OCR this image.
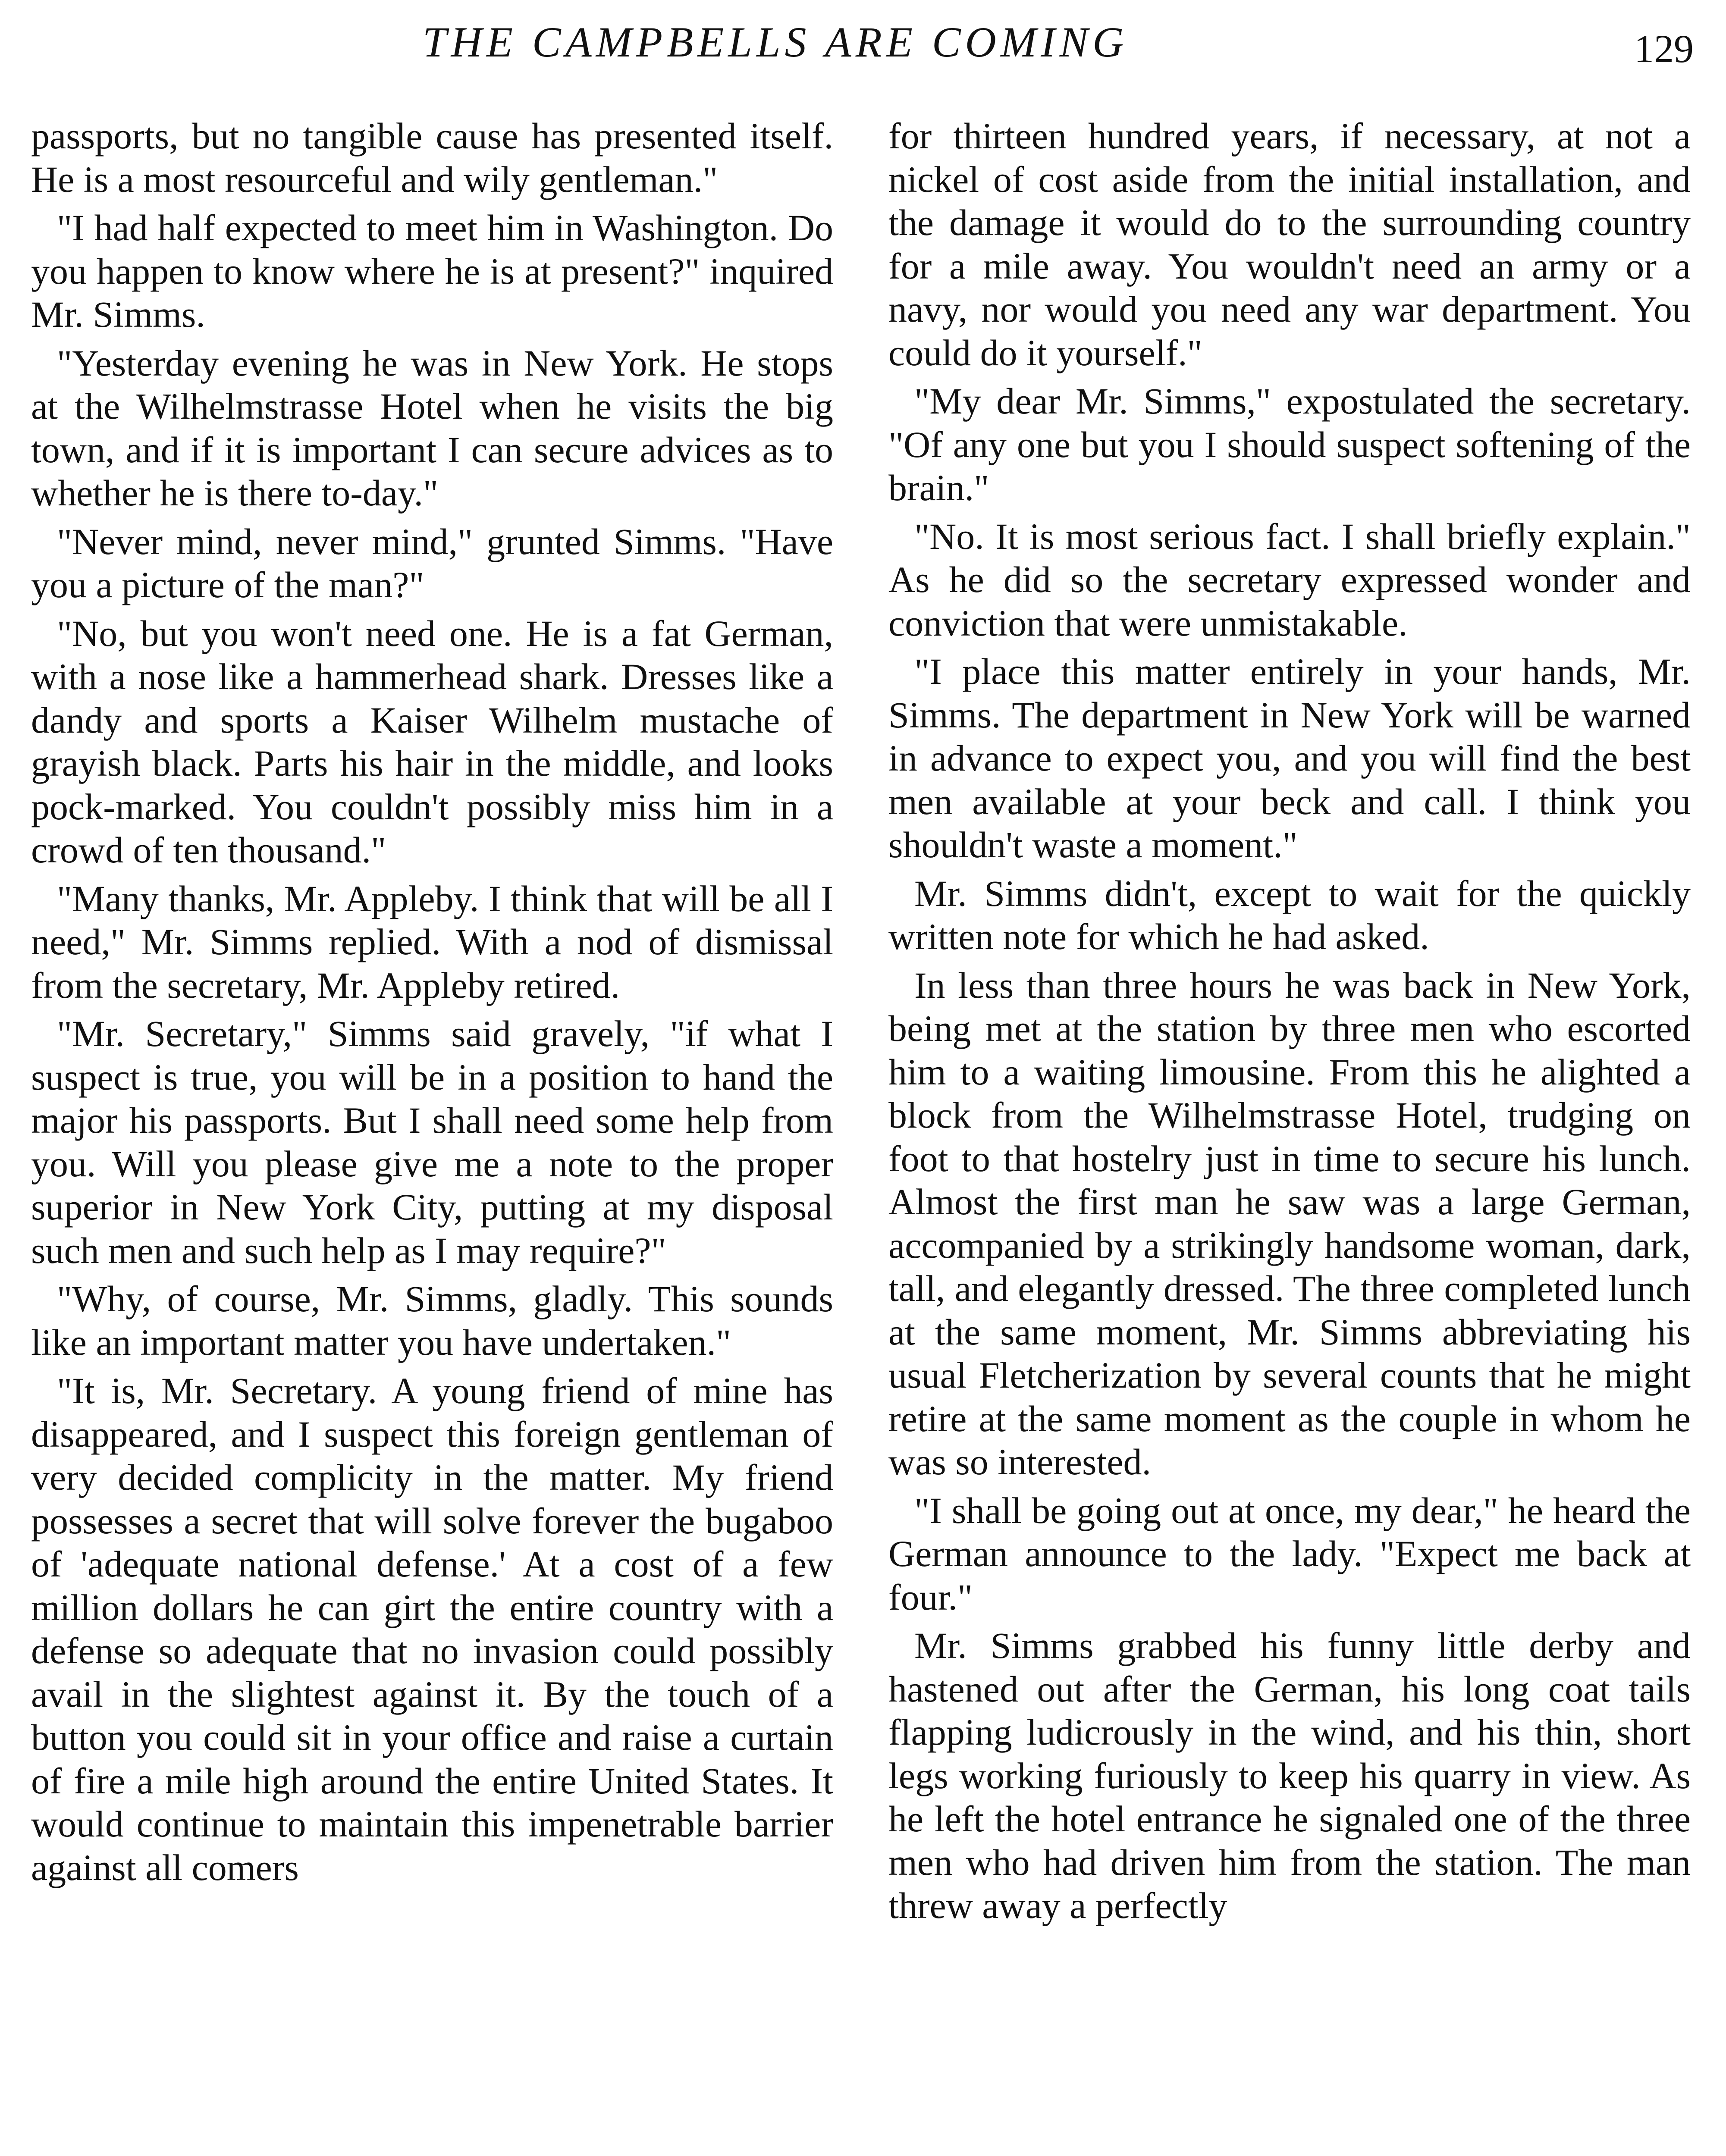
THE CAMPBELLS ARE COMING	129

passports, but no tangible cause has presented itself. He is a most resourceful and wily gentleman."

"I had half expected to meet him in Washington. Do you happen to know where he is at present?" inquired Mr. Simms.

"Yesterday evening he was in New York. He stops at the Wilhelmstrasse Hotel when he visits the big town, and if it is important I can secure advices as to whether he is there to-day."

"Never mind, never mind," grunted Simms. "Have you a picture of the man?"

"No, but you won't need one. He is a fat German, with a nose like a hammerhead shark. Dresses like a dandy and sports a Kaiser Wilhelm mustache of grayish black. Parts his hair in the middle, and looks pock-marked. You couldn't possibly miss him in a crowd of ten thousand."

"Many thanks, Mr. Appleby. I think that will be all I need," Mr. Simms replied. With a nod of dismissal from the secretary, Mr. Appleby retired.

"Mr. Secretary," Simms said gravely, "if what I suspect is true, you will be in a position to hand the major his passports. But I shall need some help from you. Will you please give me a note to the proper superior in New York City, putting at my disposal such men and such help as I may require?"

"Why, of course, Mr. Simms, gladly. This sounds like an important matter you have undertaken."

"It is, Mr. Secretary. A young friend of mine has disappeared, and I suspect this foreign gentleman of very decided complicity in the matter. My friend possesses a secret that will solve forever the bugaboo of 'adequate national defense.' At a cost of a few million dollars he can girt the entire country with a defense so adequate that no invasion could possibly avail in the slightest against it. By the touch of a button you could sit in your office and raise a curtain of fire a mile high around the entire United States. It would continue to maintain this impenetrable barrier against all comers

for thirteen hundred years, if necessary, at not a nickel of cost aside from the initial installation, and the damage it would do to the surrounding country for a mile away. You wouldn't need an army or a navy, nor would you need any war department. You could do it yourself."

"My dear Mr. Simms," expostulated the secretary. "Of any one but you I should suspect softening of the brain."

"No. It is most serious fact. I shall briefly explain." As he did so the secretary expressed wonder and conviction that were unmistakable.

"I place this matter entirely in your hands, Mr. Simms. The department in New York will be warned in advance to expect you, and you will find the best men available at your beck and call. I think you shouldn't waste a moment."

Mr. Simms didn't, except to wait for the quickly written note for which he had asked.

In less than three hours he was back in New York, being met at the station by three men who escorted him to a waiting limousine. From this he alighted a block from the Wilhelmstrasse Hotel, trudging on foot to that hostelry just in time to secure his lunch. Almost the first man he saw was a large German, accompanied by a strikingly handsome woman, dark, tall, and elegantly dressed. The three completed lunch at the same moment, Mr. Simms abbreviating his usual Fletcherization by several counts that he might retire at the same moment as the couple in whom he was so interested.

"I shall be going out at once, my dear," he heard the German announce to the lady. "Expect me back at four."

Mr. Simms grabbed his funny little derby and hastened out after the German, his long coat tails flapping ludicrously in the wind, and his thin, short legs working furiously to keep his quarry in view. As he left the hotel entrance he signaled one of the three men who had driven him from the station. The man threw away a perfectly
